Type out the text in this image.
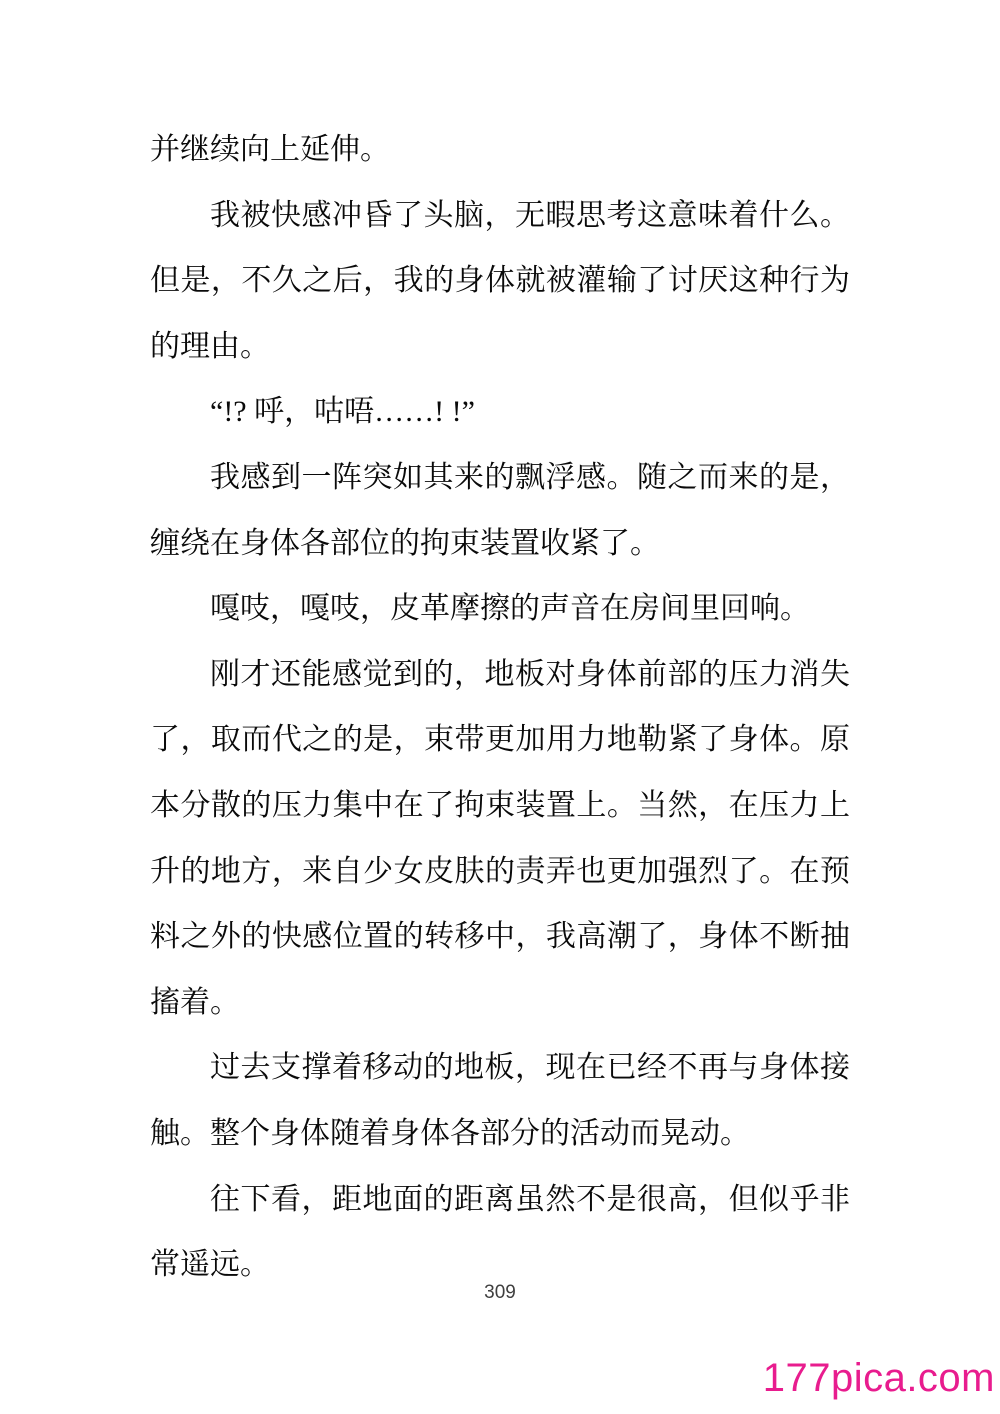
并继续向上延伸。
我被快感冲昏了头脑，无暇思考这意味着什么。
但是，不久之后，我的身体就被灌输了讨厌这种行为
的理由。
“!? 呼，咕唔……! !”
我感到一阵突如其来的飘浮感。随之而来的是，
缠绕在身体各部位的拘束装置收紧了。
嘎吱，嘎吱，皮革摩擦的声音在房间里回响。
刚才还能感觉到的，地板对身体前部的压力消失
了，取而代之的是，束带更加用力地勒紧了身体。原
本分散的压力集中在了拘束装置上。当然，在压力上
升的地方，来自少女皮肤的责弄也更加强烈了。在预
料之外的快感位置的转移中，我高潮了，身体不断抽
搐着。
过去支撑着移动的地板，现在已经不再与身体接
触。整个身体随着身体各部分的活动而晃动。
往下看，距地面的距离虽然不是很高，但似乎非
常遥远。
309
177pica.com
